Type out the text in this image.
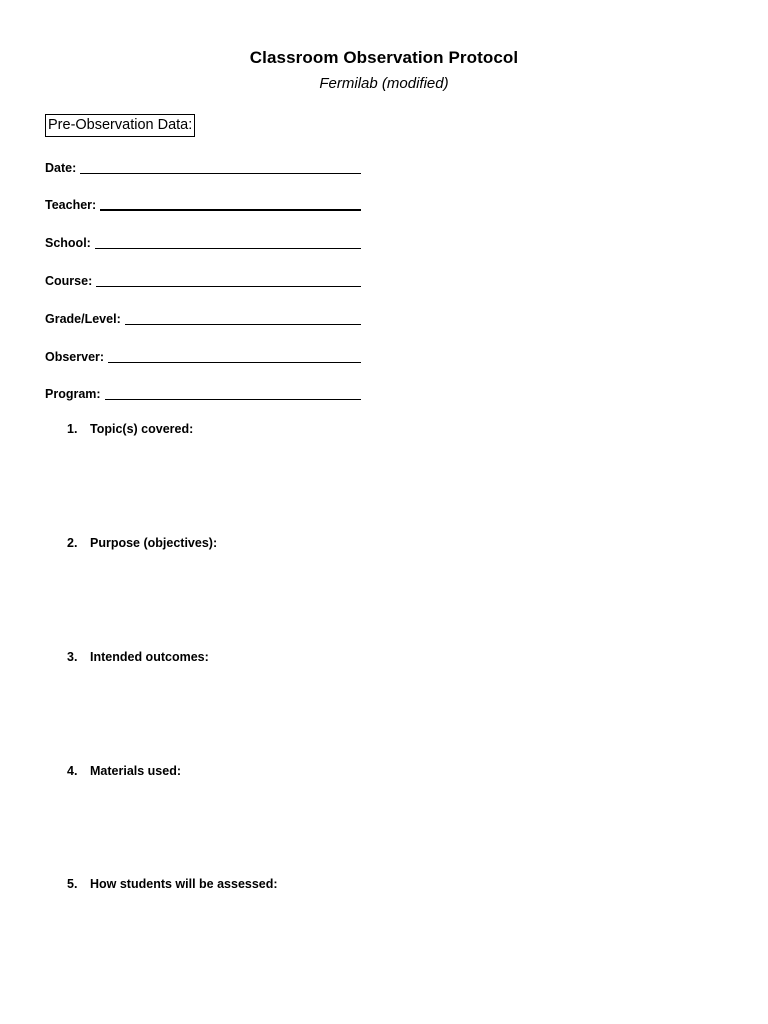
Classroom Observation Protocol
Fermilab (modified)
Pre-Observation Data:
Date:
Teacher:
School:
Course:
Grade/Level:
Observer:
Program:
1.	Topic(s) covered:
2.	Purpose (objectives):
3.	Intended outcomes:
4.	Materials used:
5.	How students will be assessed:
